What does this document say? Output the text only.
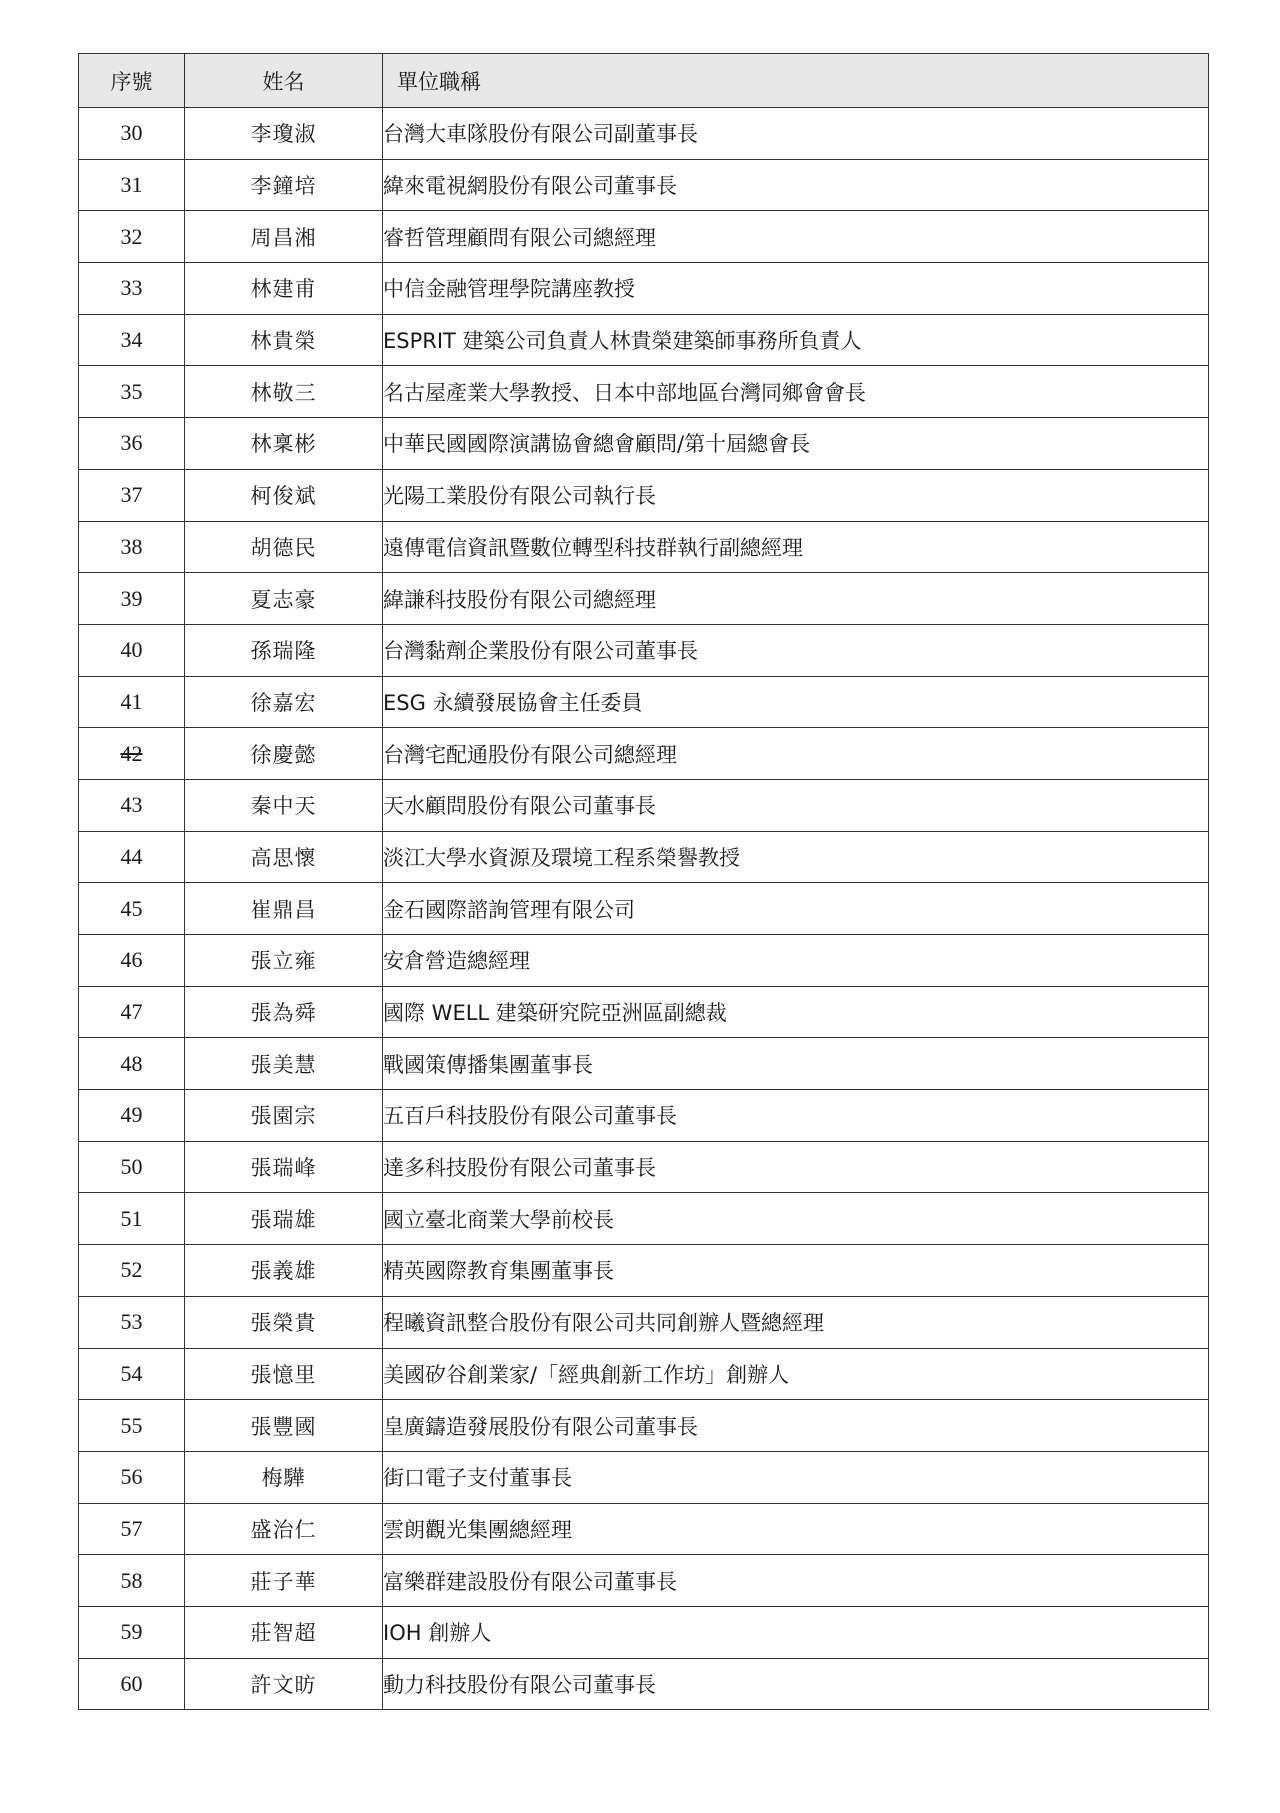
序號	姓名	單位職稱
30	李瓊淑	台灣大車隊股份有限公司副董事長
31	李鐘培	緯來電視網股份有限公司董事長
32	周昌湘	睿哲管理顧問有限公司總經理
33	林建甫	中信金融管理學院講座教授
34	林貴榮	ESPRIT 建築公司負責人林貴榮建築師事務所負責人
35	林敬三	名古屋產業大學教授、日本中部地區台灣同鄉會會長
36	林稟彬	中華民國國際演講協會總會顧問/第十屆總會長
37	柯俊斌	光陽工業股份有限公司執行長
38	胡德民	遠傳電信資訊暨數位轉型科技群執行副總經理
39	夏志豪	緯謙科技股份有限公司總經理
40	孫瑞隆	台灣黏劑企業股份有限公司董事長
41	徐嘉宏	ESG 永續發展協會主任委員
42	徐慶懿	台灣宅配通股份有限公司總經理
43	秦中天	天水顧問股份有限公司董事長
44	高思懷	淡江大學水資源及環境工程系榮譽教授
45	崔鼎昌	金石國際諮詢管理有限公司
46	張立雍	安倉營造總經理
47	張為舜	國際 WELL 建築研究院亞洲區副總裁
48	張美慧	戰國策傳播集團董事長
49	張園宗	五百戶科技股份有限公司董事長
50	張瑞峰	達多科技股份有限公司董事長
51	張瑞雄	國立臺北商業大學前校長
52	張義雄	精英國際教育集團董事長
53	張榮貴	程曦資訊整合股份有限公司共同創辦人暨總經理
54	張憶里	美國矽谷創業家/「經典創新工作坊」創辦人
55	張豐國	皇廣鑄造發展股份有限公司董事長
56	梅驊	街口電子支付董事長
57	盛治仁	雲朗觀光集團總經理
58	莊子華	富樂群建設股份有限公司董事長
59	莊智超	IOH 創辦人
60	許文昉	動力科技股份有限公司董事長
